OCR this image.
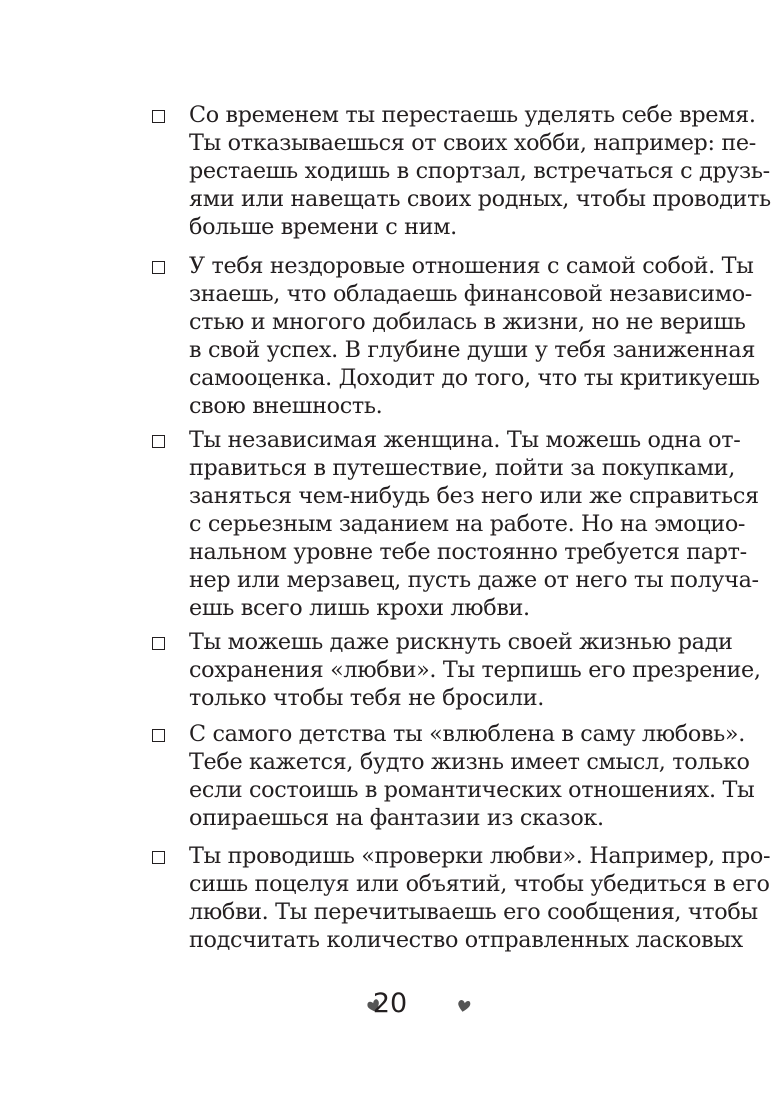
Со временем ты перестаешь уделять себе время.
Ты отказываешься от своих хобби, например: пе-
рестаешь ходишь в спортзал, встречаться с друзь-
ями или навещать своих родных, чтобы проводить
больше времени с ним.
У тебя нездоровые отношения с самой собой. Ты
знаешь, что обладаешь финансовой независимо-
стью и многого добилась в жизни, но не веришь
в свой успех. В глубине души у тебя заниженная
самооценка. Доходит до того, что ты критикуешь
свою внешность.
Ты независимая женщина. Ты можешь одна от-
правиться в путешествие, пойти за покупками,
заняться чем-нибудь без него или же справиться
с серьезным заданием на работе. Но на эмоцио-
нальном уровне тебе постоянно требуется парт-
нер или мерзавец, пусть даже от него ты получа-
ешь всего лишь крохи любви.
Ты можешь даже рискнуть своей жизнью ради
сохранения «любви». Ты терпишь его презрение,
только чтобы тебя не бросили.
С самого детства ты «влюблена в саму любовь».
Тебе кажется, будто жизнь имеет смысл, только
если состоишь в романтических отношениях. Ты
опираешься на фантазии из сказок.
Ты проводишь «проверки любви». Например, про-
сишь поцелуя или объятий, чтобы убедиться в его
любви. Ты перечитываешь его сообщения, чтобы
подсчитать количество отправленных ласковых
20
